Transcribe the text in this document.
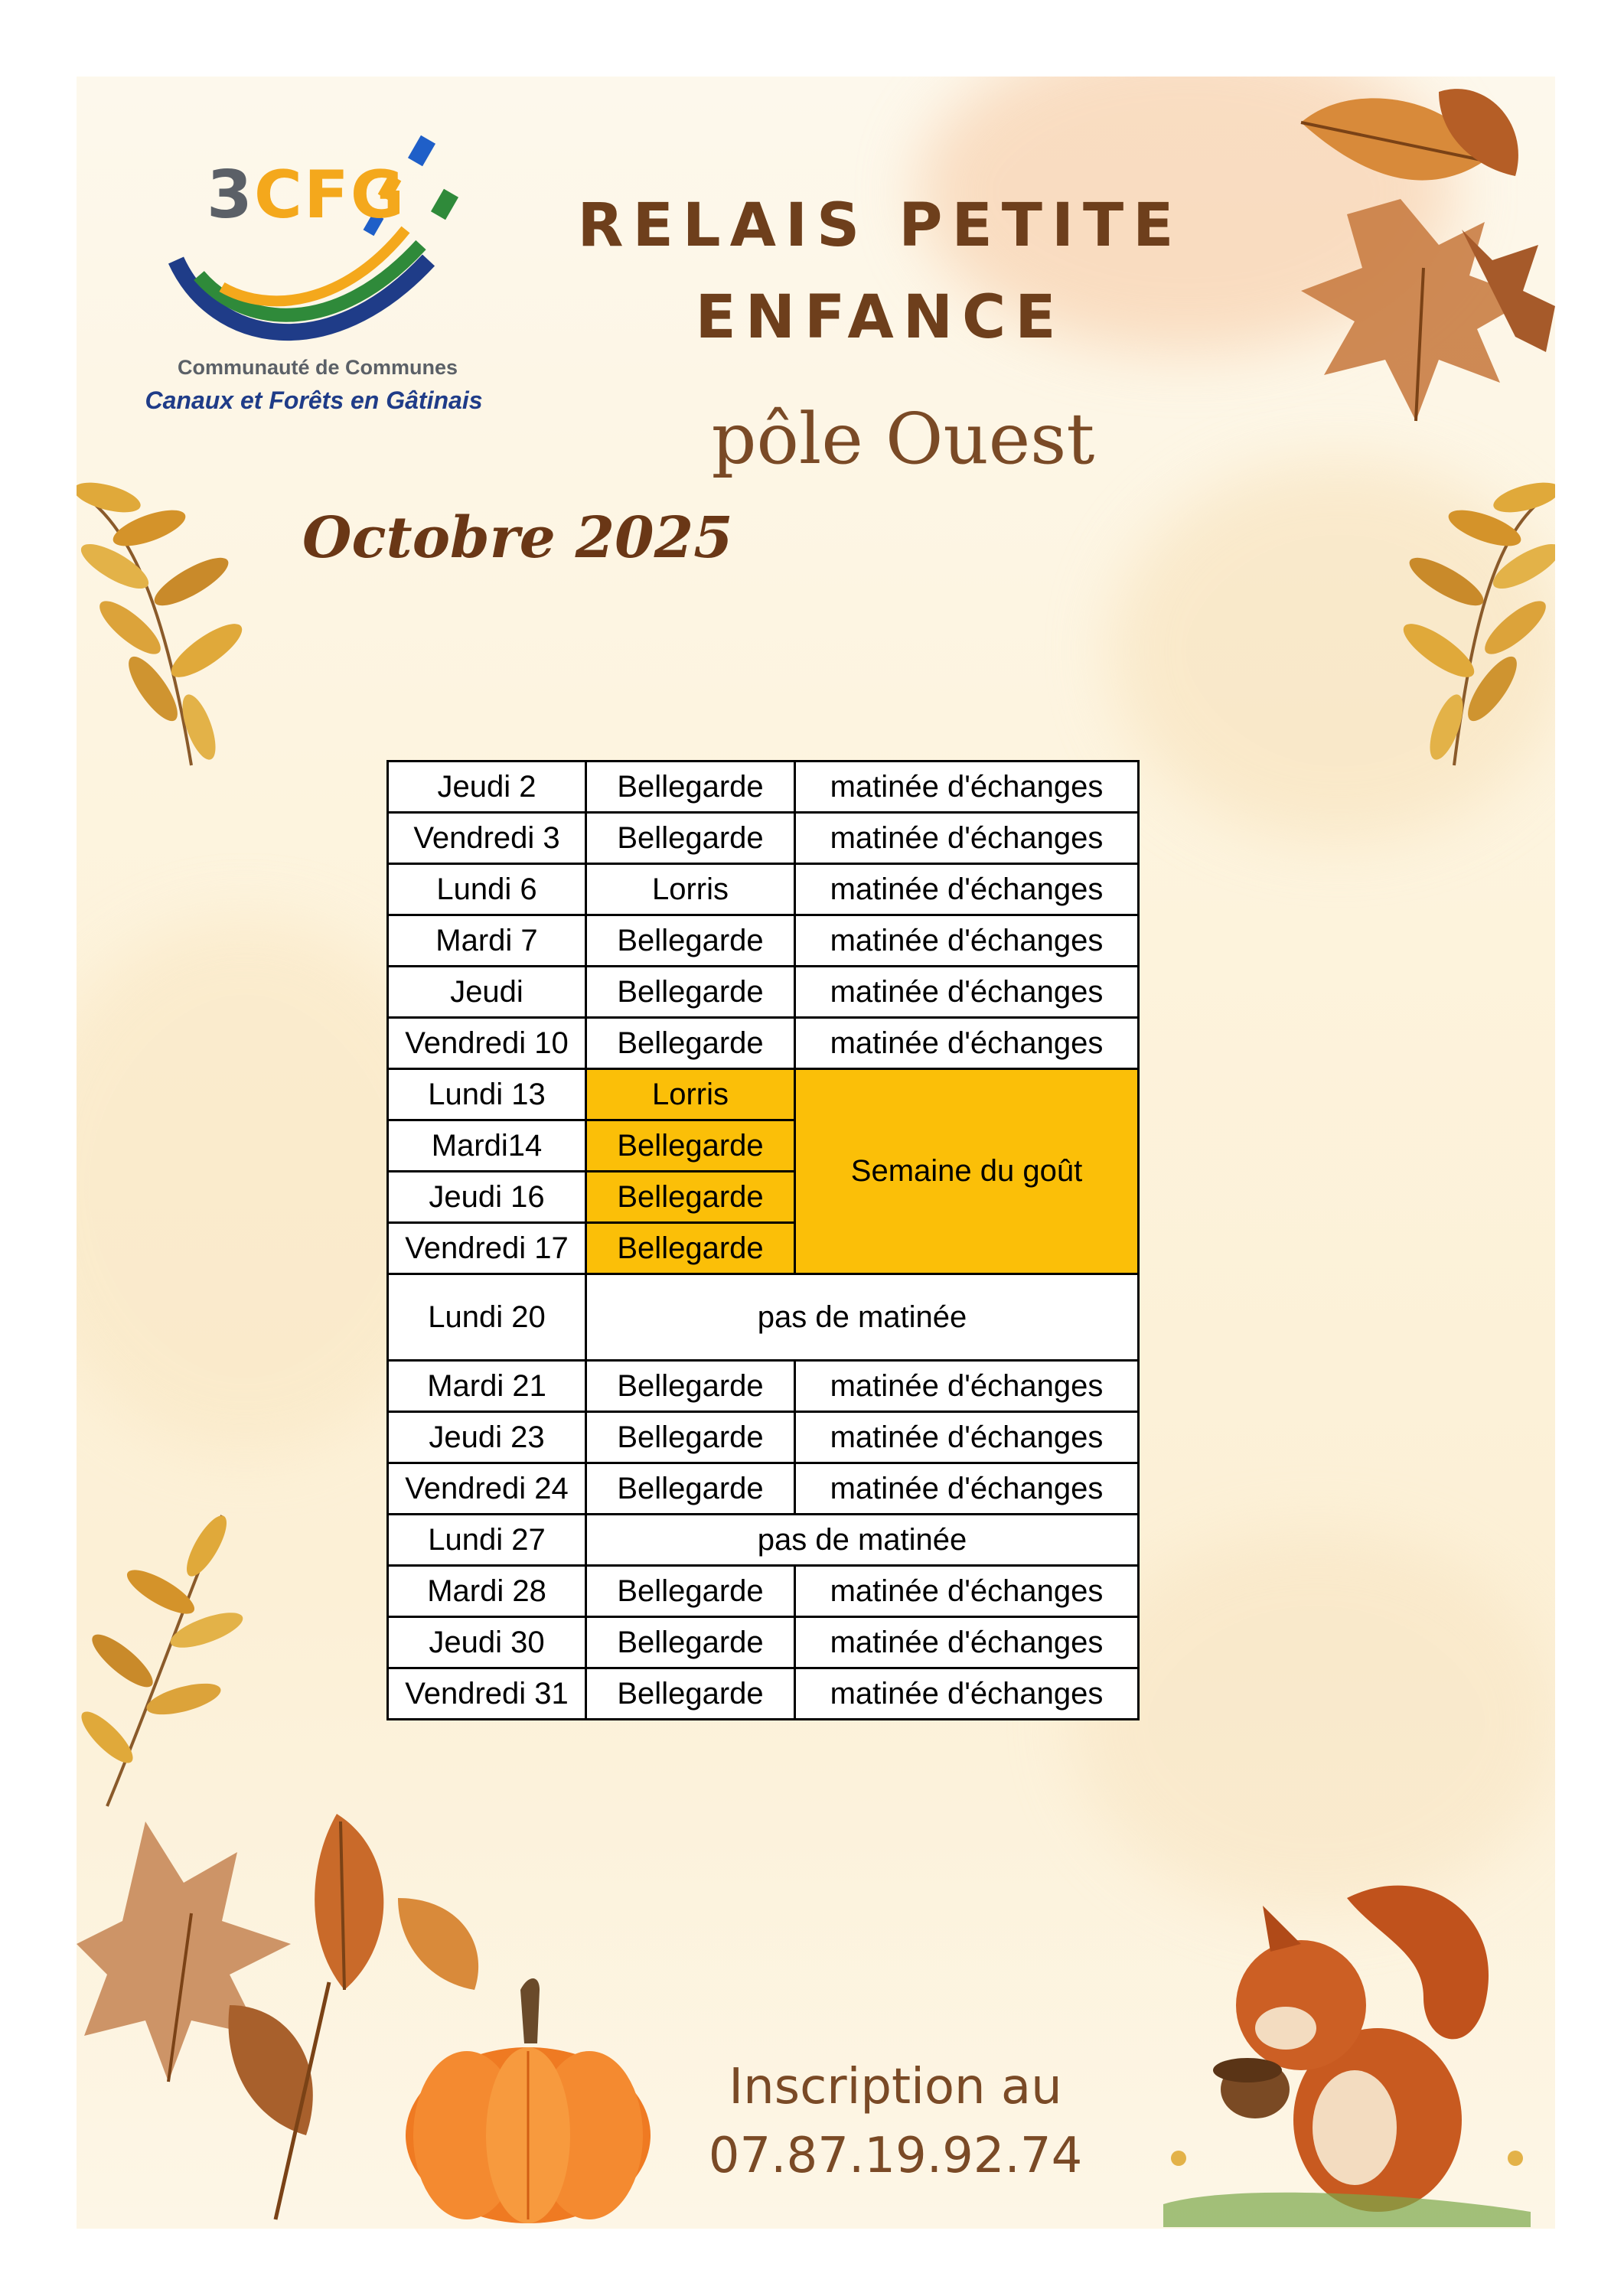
3CFG
Communauté de Communes
Canaux et Forêts en Gâtinais
RELAIS PETITE
ENFANCE
pôle Ouest
Octobre 2025
Jeudi 2	Bellegarde	matinée d'échanges
Vendredi 3	Bellegarde	matinée d'échanges
Lundi 6	Lorris	matinée d'échanges
Mardi 7	Bellegarde	matinée d'échanges
Jeudi	Bellegarde	matinée d'échanges
Vendredi 10	Bellegarde	matinée d'échanges
Lundi 13	Lorris	Semaine du goût
Mardi14	Bellegarde	
Jeudi 16	Bellegarde	
Vendredi 17	Bellegarde	
Lundi 20	pas de matinée	
Mardi 21	Bellegarde	matinée d'échanges
Jeudi 23	Bellegarde	matinée d'échanges
Vendredi 24	Bellegarde	matinée d'échanges
Lundi 27	pas de matinée	
Mardi 28	Bellegarde	matinée d'échanges
Jeudi 30	Bellegarde	matinée d'échanges
Vendredi 31	Bellegarde	matinée d'échanges
Inscription au
07.87.19.92.74
